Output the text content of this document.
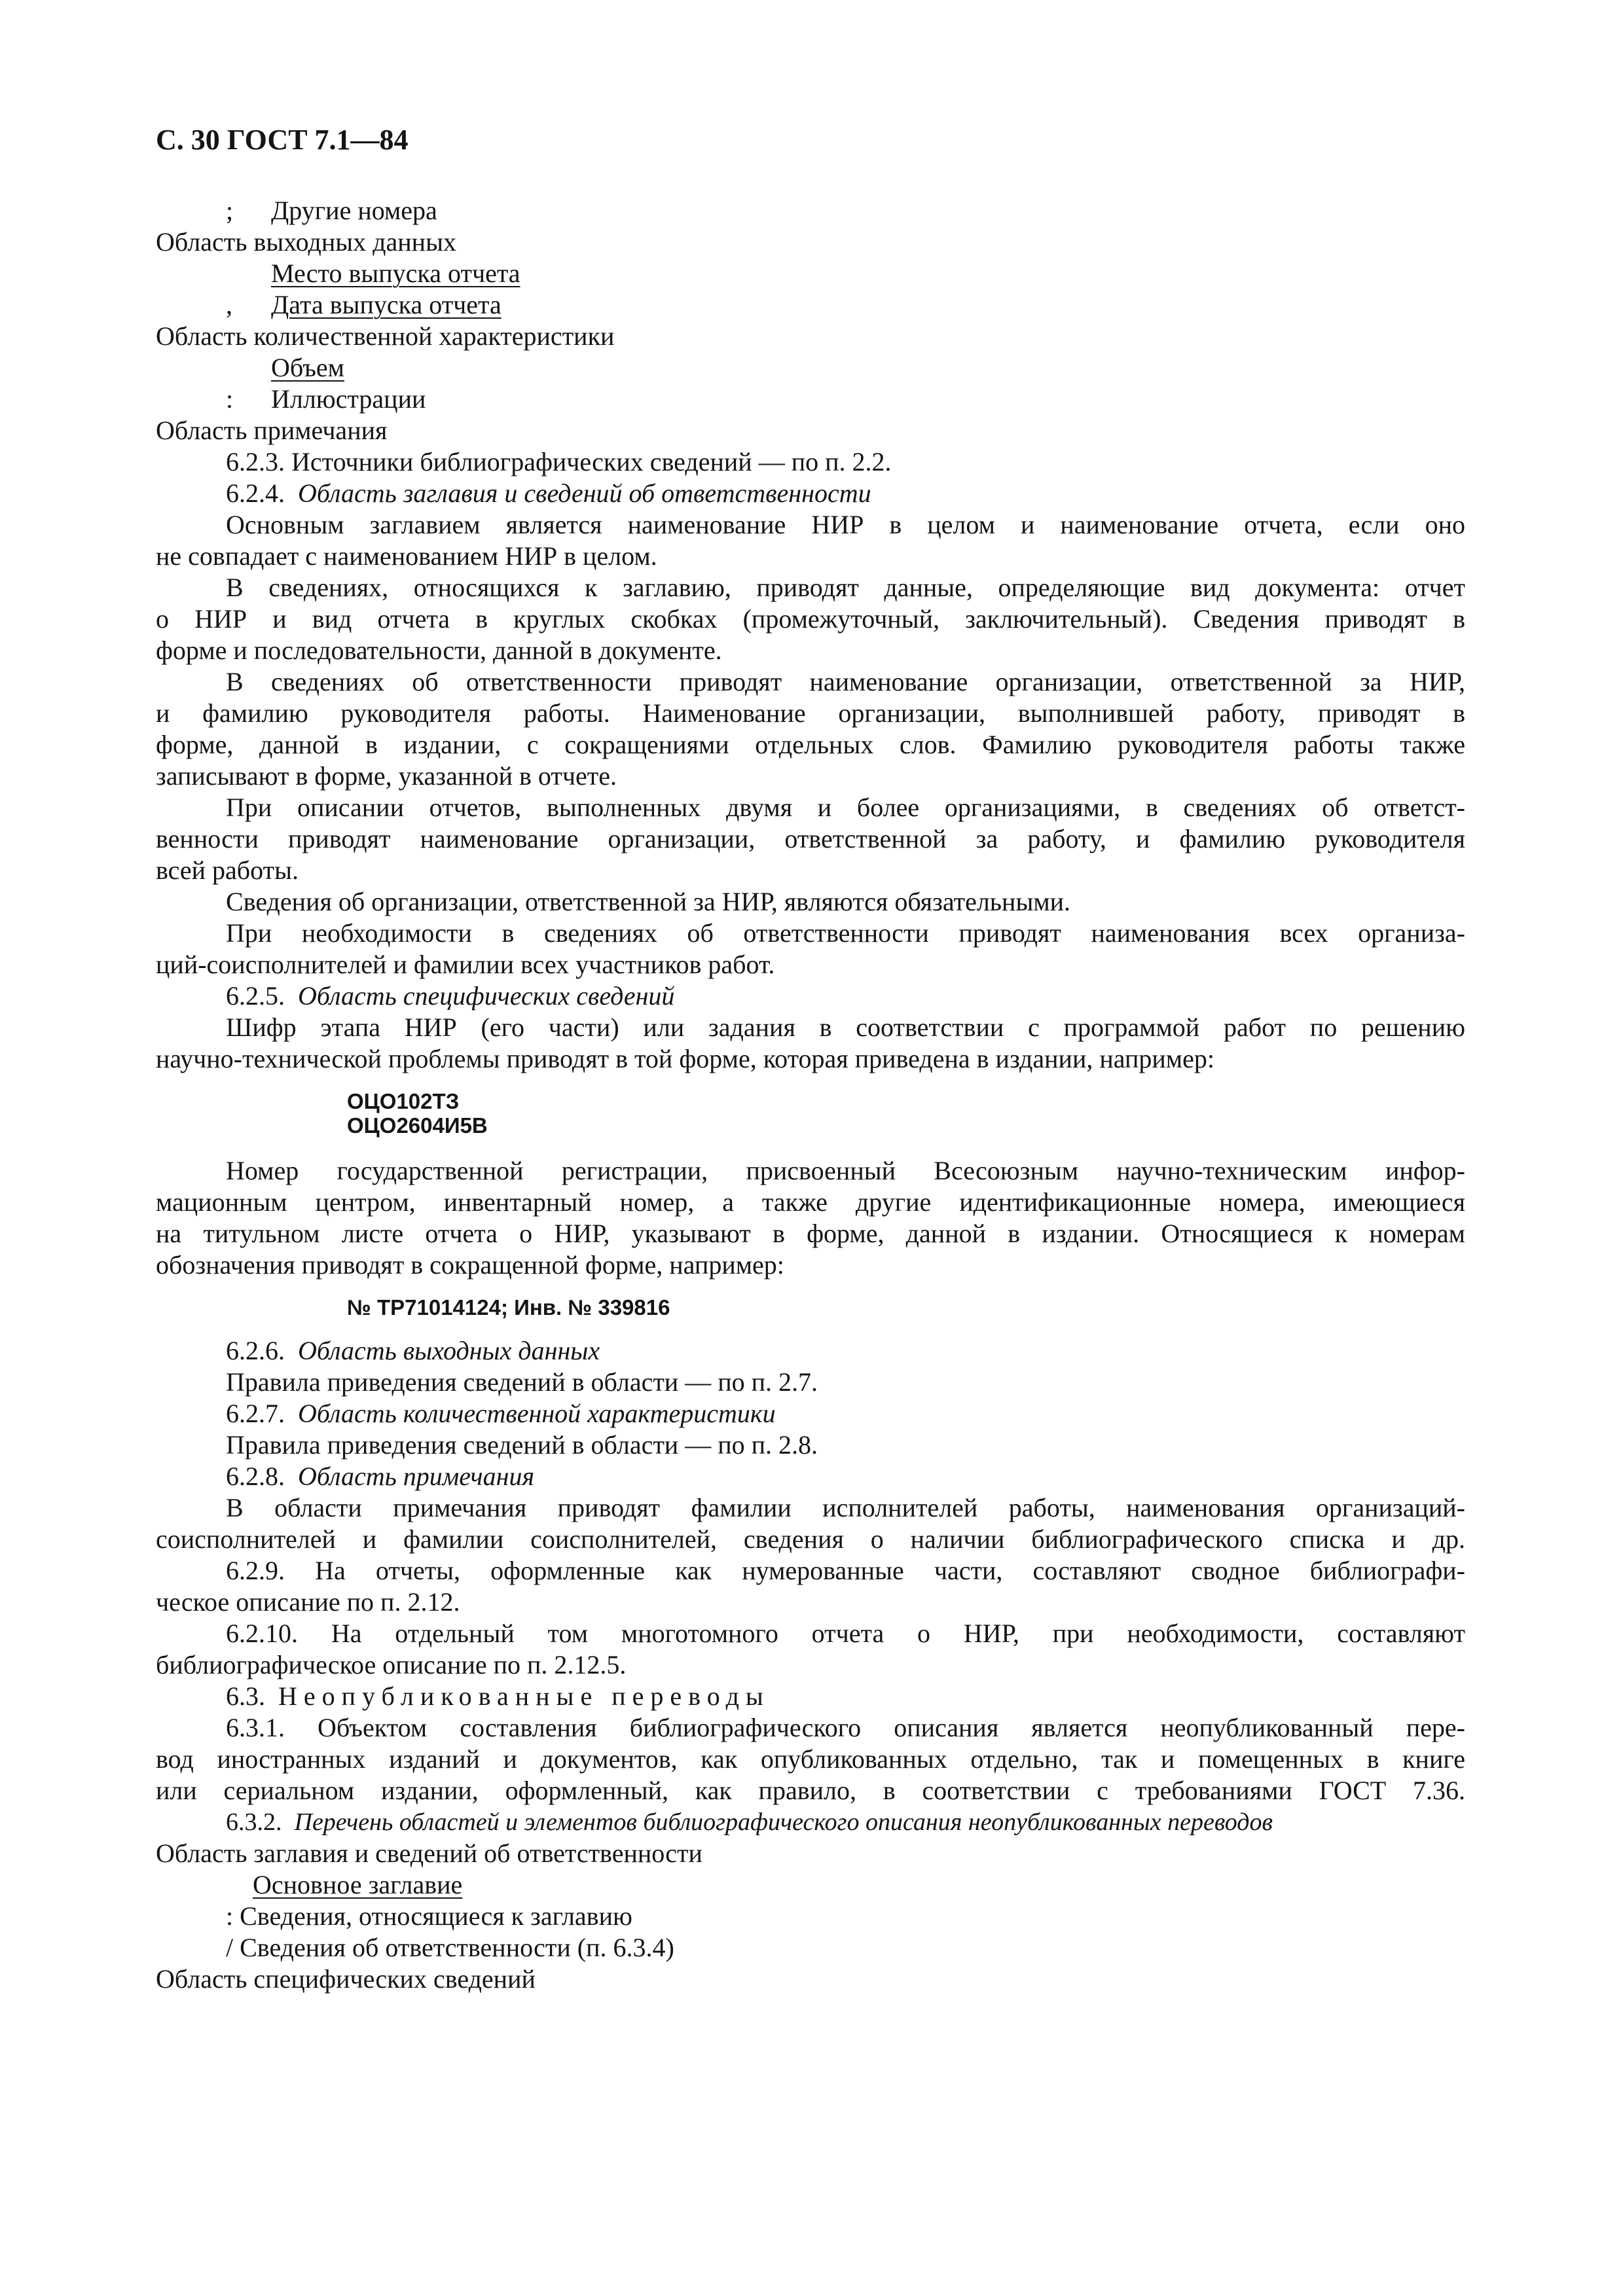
С. 30 ГОСТ 7.1—84
; Другие номера
Область выходных данных
Место выпуска отчета
, Дата выпуска отчета
Область количественной характеристики
Объем
: Иллюстрации
Область примечания
6.2.3. Источники библиографических сведений — по п. 2.2.
6.2.4. Область заглавия и сведений об ответственности
Основным заглавием является наименование НИР в целом и наименование отчета, если оно
не совпадает с наименованием НИР в целом.
В сведениях, относящихся к заглавию, приводят данные, определяющие вид документа: отчет
о НИР и вид отчета в круглых скобках (промежуточный, заключительный). Сведения приводят в
форме и последовательности, данной в документе.
В сведениях об ответственности приводят наименование организации, ответственной за НИР,
и фамилию руководителя работы. Наименование организации, выполнившей работу, приводят в
форме, данной в издании, с сокращениями отдельных слов. Фамилию руководителя работы также
записывают в форме, указанной в отчете.
При описании отчетов, выполненных двумя и более организациями, в сведениях об ответст-
венности приводят наименование организации, ответственной за работу, и фамилию руководителя
всей работы.
Сведения об организации, ответственной за НИР, являются обязательными.
При необходимости в сведениях об ответственности приводят наименования всех организа-
ций-соисполнителей и фамилии всех участников работ.
6.2.5. Область специфических сведений
Шифр этапа НИР (его части) или задания в соответствии с программой работ по решению
научно-технической проблемы приводят в той форме, которая приведена в издании, например:
ОЦО102ТЗ
ОЦО2604И5В
Номер государственной регистрации, присвоенный Всесоюзным научно-техническим инфор-
мационным центром, инвентарный номер, а также другие идентификационные номера, имеющиеся
на титульном листе отчета о НИР, указывают в форме, данной в издании. Относящиеся к номерам
обозначения приводят в сокращенной форме, например:
№ ТР71014124; Инв. № 339816
6.2.6. Область выходных данных
Правила приведения сведений в области — по п. 2.7.
6.2.7. Область количественной характеристики
Правила приведения сведений в области — по п. 2.8.
6.2.8. Область примечания
В области примечания приводят фамилии исполнителей работы, наименования организаций-
соисполнителей и фамилии соисполнителей, сведения о наличии библиографического списка и др.
6.2.9. На отчеты, оформленные как нумерованные части, составляют сводное библиографи-
ческое описание по п. 2.12.
6.2.10. На отдельный том многотомного отчета о НИР, при необходимости, составляют
библиографическое описание по п. 2.12.5.
6.3. Неопубликованные переводы
6.3.1. Объектом составления библиографического описания является неопубликованный пере-
вод иностранных изданий и документов, как опубликованных отдельно, так и помещенных в книге
или сериальном издании, оформленный, как правило, в соответствии с требованиями ГОСТ 7.36.
6.3.2. Перечень областей и элементов библиографического описания неопубликованных переводов
Область заглавия и сведений об ответственности
Основное заглавие
: Сведения, относящиеся к заглавию
/ Сведения об ответственности (п. 6.3.4)
Область специфических сведений
